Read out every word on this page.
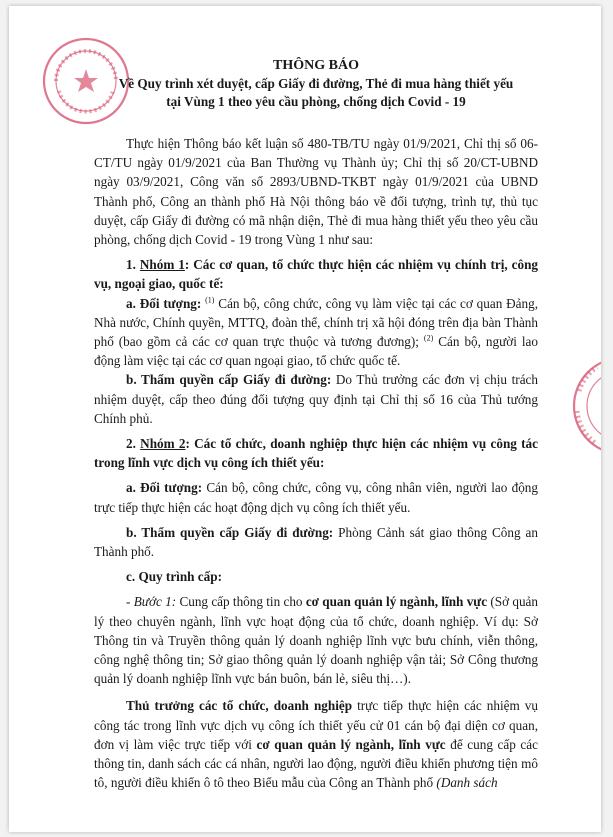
THÔNG BÁO
Về Quy trình xét duyệt, cấp Giấy đi đường, Thẻ đi mua hàng thiết yếu
tại Vùng 1 theo yêu cầu phòng, chống dịch Covid - 19

Thực hiện Thông báo kết luận số 480-TB/TU ngày 01/9/2021, Chỉ thị số 06-CT/TU ngày 01/9/2021 của Ban Thường vụ Thành ủy; Chỉ thị số 20/CT-UBND ngày 03/9/2021, Công văn số 2893/UBND-TKBT ngày 01/9/2021 của UBND Thành phố, Công an thành phố Hà Nội thông báo về đối tượng, trình tự, thủ tục duyệt, cấp Giấy đi đường có mã nhận diện, Thẻ đi mua hàng thiết yếu theo yêu cầu phòng, chống dịch Covid - 19 trong Vùng 1 như sau:

1. Nhóm 1: Các cơ quan, tổ chức thực hiện các nhiệm vụ chính trị, công vụ, ngoại giao, quốc tế:

a. Đối tượng: $^{(1)}$ Cán bộ, công chức, công vụ làm việc tại các cơ quan Đảng, Nhà nước, Chính quyền, MTTQ, đoàn thể, chính trị xã hội đóng trên địa bàn Thành phố (bao gồm cả các cơ quan trực thuộc và tương đương); $^{(2)}$ Cán bộ, người lao động làm việc tại các cơ quan ngoại giao, tổ chức quốc tế.

b. Thẩm quyền cấp Giấy đi đường: Do Thủ trưởng các đơn vị chịu trách nhiệm duyệt, cấp theo đúng đối tượng quy định tại Chỉ thị số 16 của Thủ tướng Chính phủ.

2. Nhóm 2: Các tổ chức, doanh nghiệp thực hiện các nhiệm vụ công tác trong lĩnh vực dịch vụ công ích thiết yếu:

a. Đối tượng: Cán bộ, công chức, công vụ, công nhân viên, người lao động trực tiếp thực hiện các hoạt động dịch vụ công ích thiết yếu.

b. Thẩm quyền cấp Giấy đi đường: Phòng Cảnh sát giao thông Công an Thành phố.

c. Quy trình cấp:

- Bước 1: Cung cấp thông tin cho cơ quan quản lý ngành, lĩnh vực (Sở quản lý theo chuyên ngành, lĩnh vực hoạt động của tổ chức, doanh nghiệp. Ví dụ: Sở Thông tin và Truyền thông quản lý doanh nghiệp lĩnh vực bưu chính, viễn thông, công nghệ thông tin; Sở giao thông quản lý doanh nghiệp vận tải; Sở Công thương quản lý doanh nghiệp lĩnh vực bán buôn, bán lẻ, siêu thị…).

Thủ trưởng các tổ chức, doanh nghiệp trực tiếp thực hiện các nhiệm vụ công tác trong lĩnh vực dịch vụ công ích thiết yếu cử 01 cán bộ đại diện cơ quan, đơn vị làm việc trực tiếp với cơ quan quản lý ngành, lĩnh vực để cung cấp các thông tin, danh sách các cá nhân, người lao động, người điều khiển phương tiện mô tô, người điều khiển ô tô theo Biểu mẫu của Công an Thành phố (Danh sách
